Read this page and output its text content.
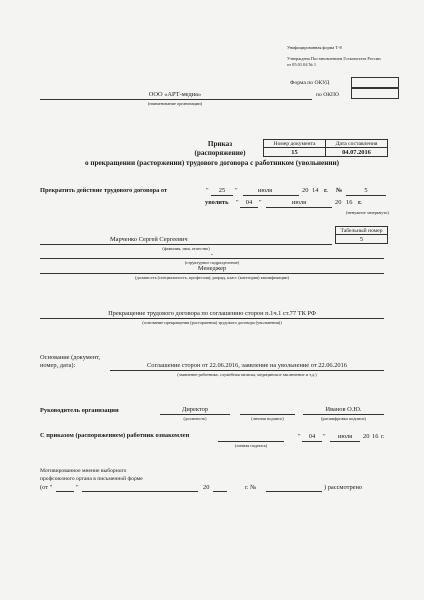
Унифицированная форма Т-8
Утверждена Постановлением Госкомстата России
от 05.01.04 № 1
Форма по ОКУД
по ОКПО
ООО «АРТ-медиа»
(наименование организации)
Номер документа	Дата составления
15	04.07.2016
Приказ
(распоряжение)
о прекращении (расторжении) трудового договора с работником (увольнении)
Прекратить действие трудового договора от	"	25	"	июля	20 14 г. №	5
уволить "	04	"	июля	20 16 г.
(ненужное зачеркнуть)
Табельный номер
5
Марченко Сергей Сергеевич
(фамилия, имя, отчество)
-
(структурное подразделение)
Менеджер
(должность (специальность, профессия), разряд, класс (категория) квалификации)
Прекращение трудового договора по соглашению сторон п.1ч.1 ст.77 ТК РФ
(основание прекращения (расторжения) трудового договора (увольнения))
Основание (документ,
номер, дата):	Соглашение сторон от 22.06.2016, заявление на увольнение от 22.06.2016
(заявление работника, служебная записка, медицинское заключение и т.д.)
Руководитель организации	Директор
(должность)	(личная подпись)
Иванов О.Ю.
(расшифровка подписи)
С приказом (распоряжением) работник ознакомлен
(личная подпись)
"	04	"	июля	20 16 г.
Мотивированное мнение выборного
профсоюзного органа в письменной форме
(от "	"	20	г. №	) рассмотрено
